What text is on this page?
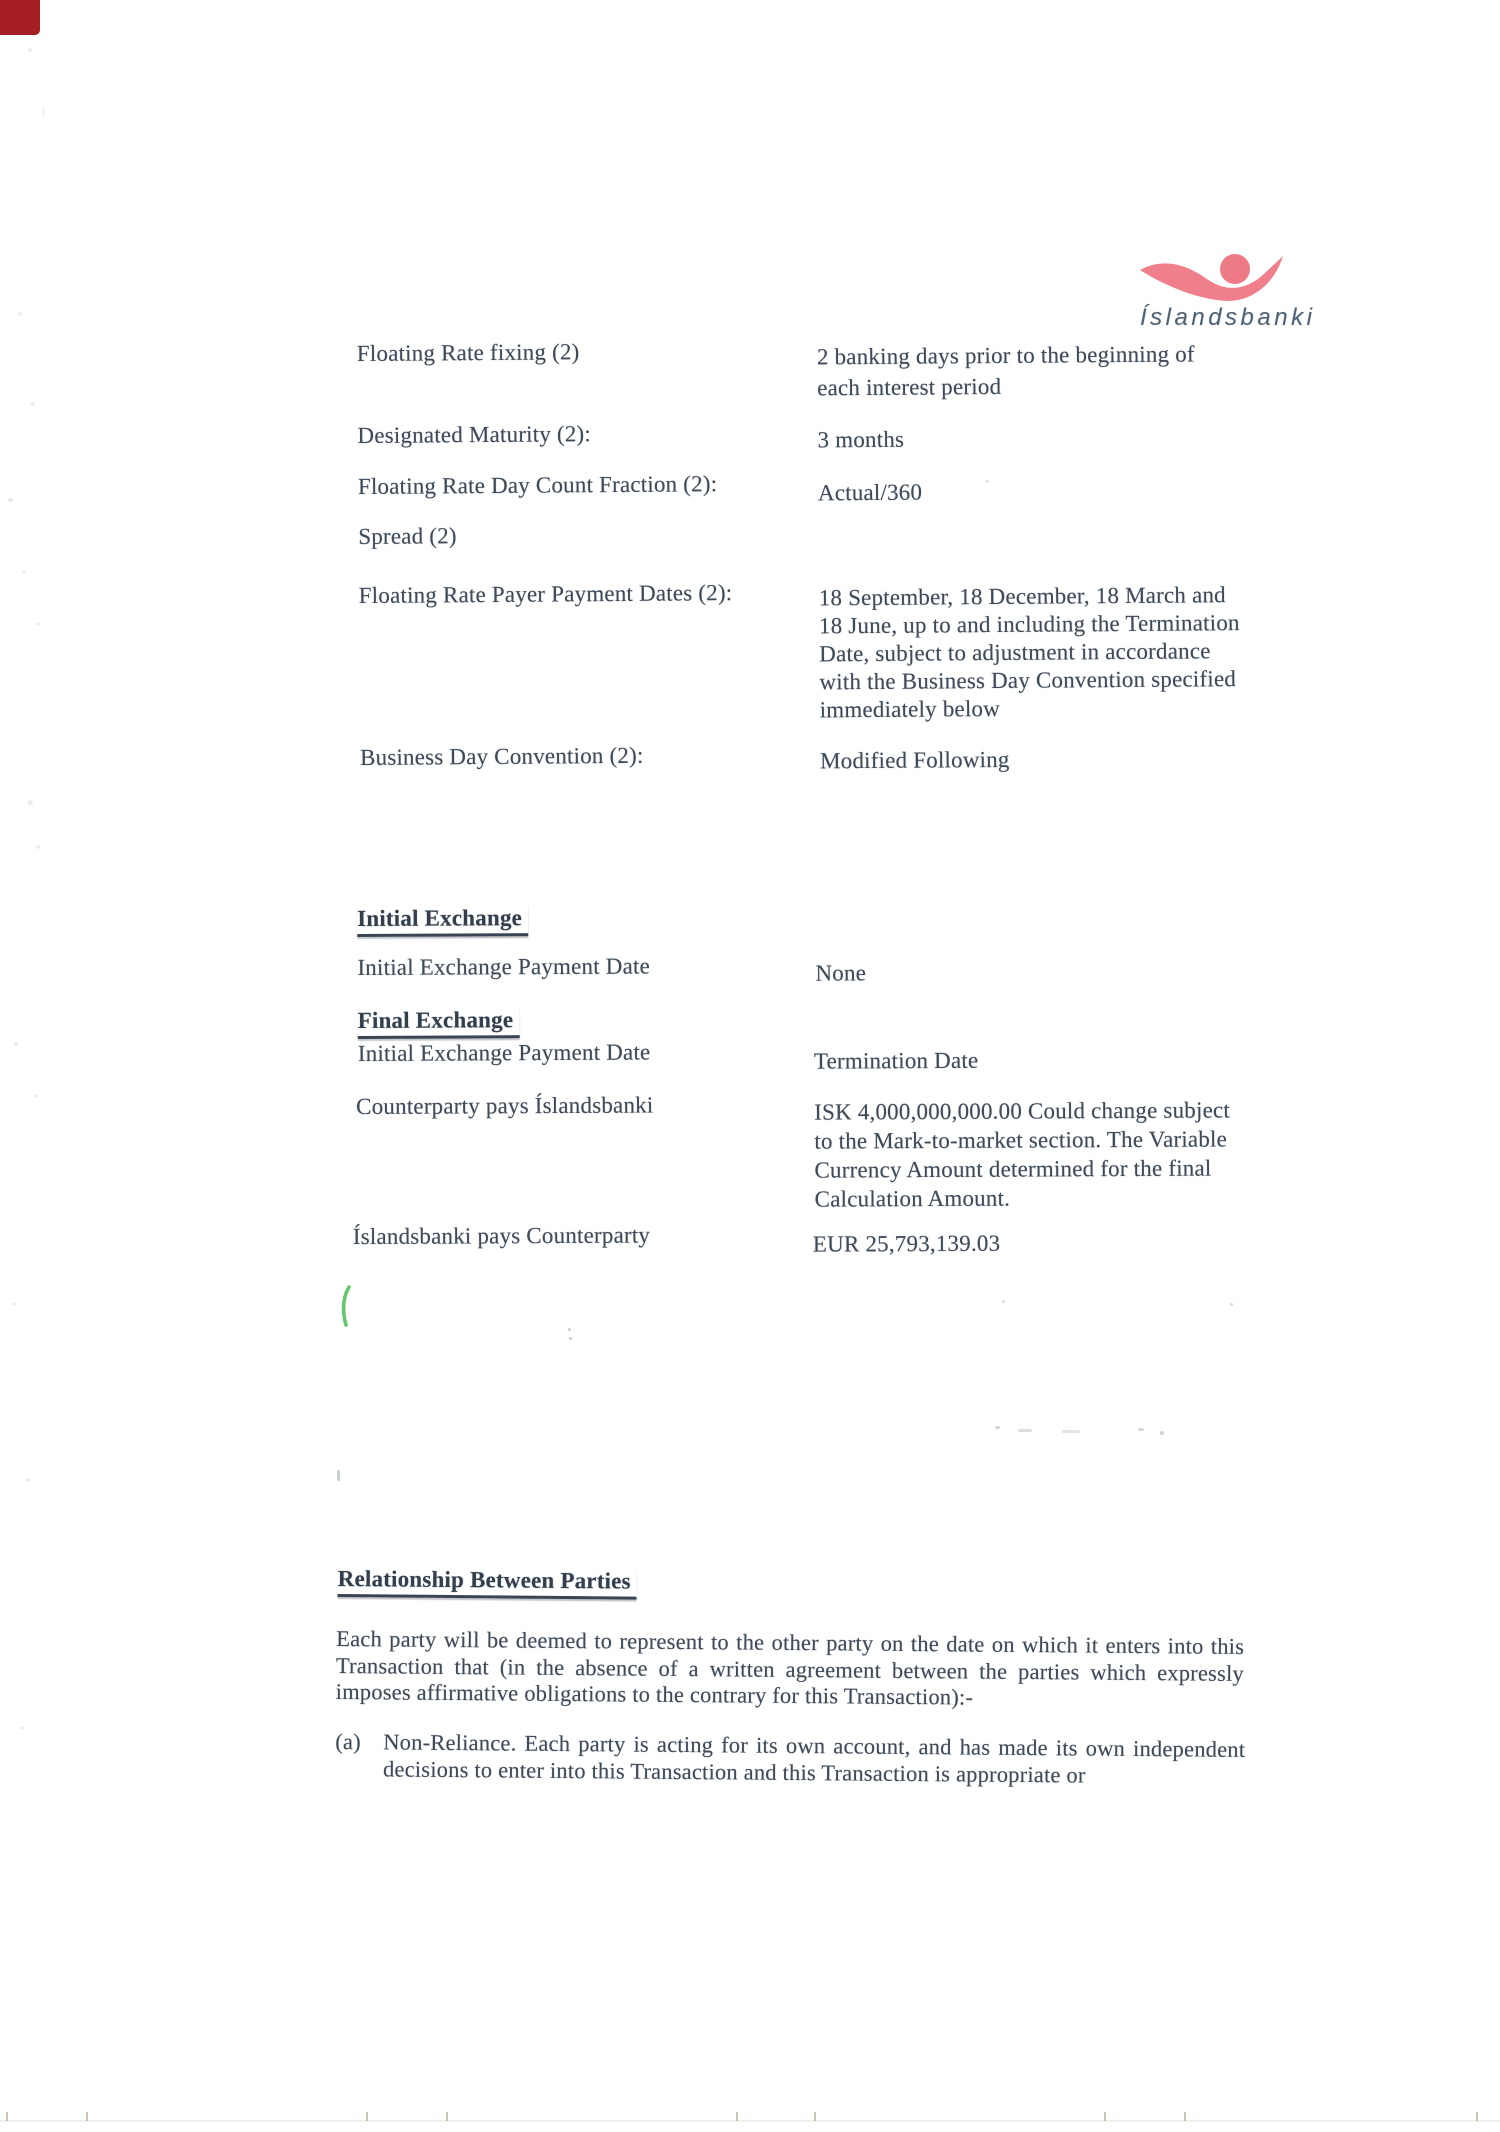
Íslandsbanki
Floating Rate fixing (2)	2 banking days prior to the beginning of each interest period
Designated Maturity (2):	3 months
Floating Rate Day Count Fraction (2):	Actual/360
Spread (2)
Floating Rate Payer Payment Dates (2):	18 September, 18 December, 18 March and 18 June, up to and including the Termination Date, subject to adjustment in accordance with the Business Day Convention specified immediately below
Business Day Convention (2):	Modified Following
Initial Exchange
Initial Exchange Payment Date	None
Final Exchange
Initial Exchange Payment Date	Termination Date
Counterparty pays Íslandsbanki	ISK 4,000,000,000.00 Could change subject to the Mark-to-market section. The Variable Currency Amount determined for the final Calculation Amount.
Íslandsbanki pays Counterparty	EUR 25,793,139.03
Relationship Between Parties
Each party will be deemed to represent to the other party on the date on which it enters into this Transaction that (in the absence of a written agreement between the parties which expressly imposes affirmative obligations to the contrary for this Transaction):-
(a) Non-Reliance. Each party is acting for its own account, and has made its own independent decisions to enter into this Transaction and this Transaction is appropriate or
